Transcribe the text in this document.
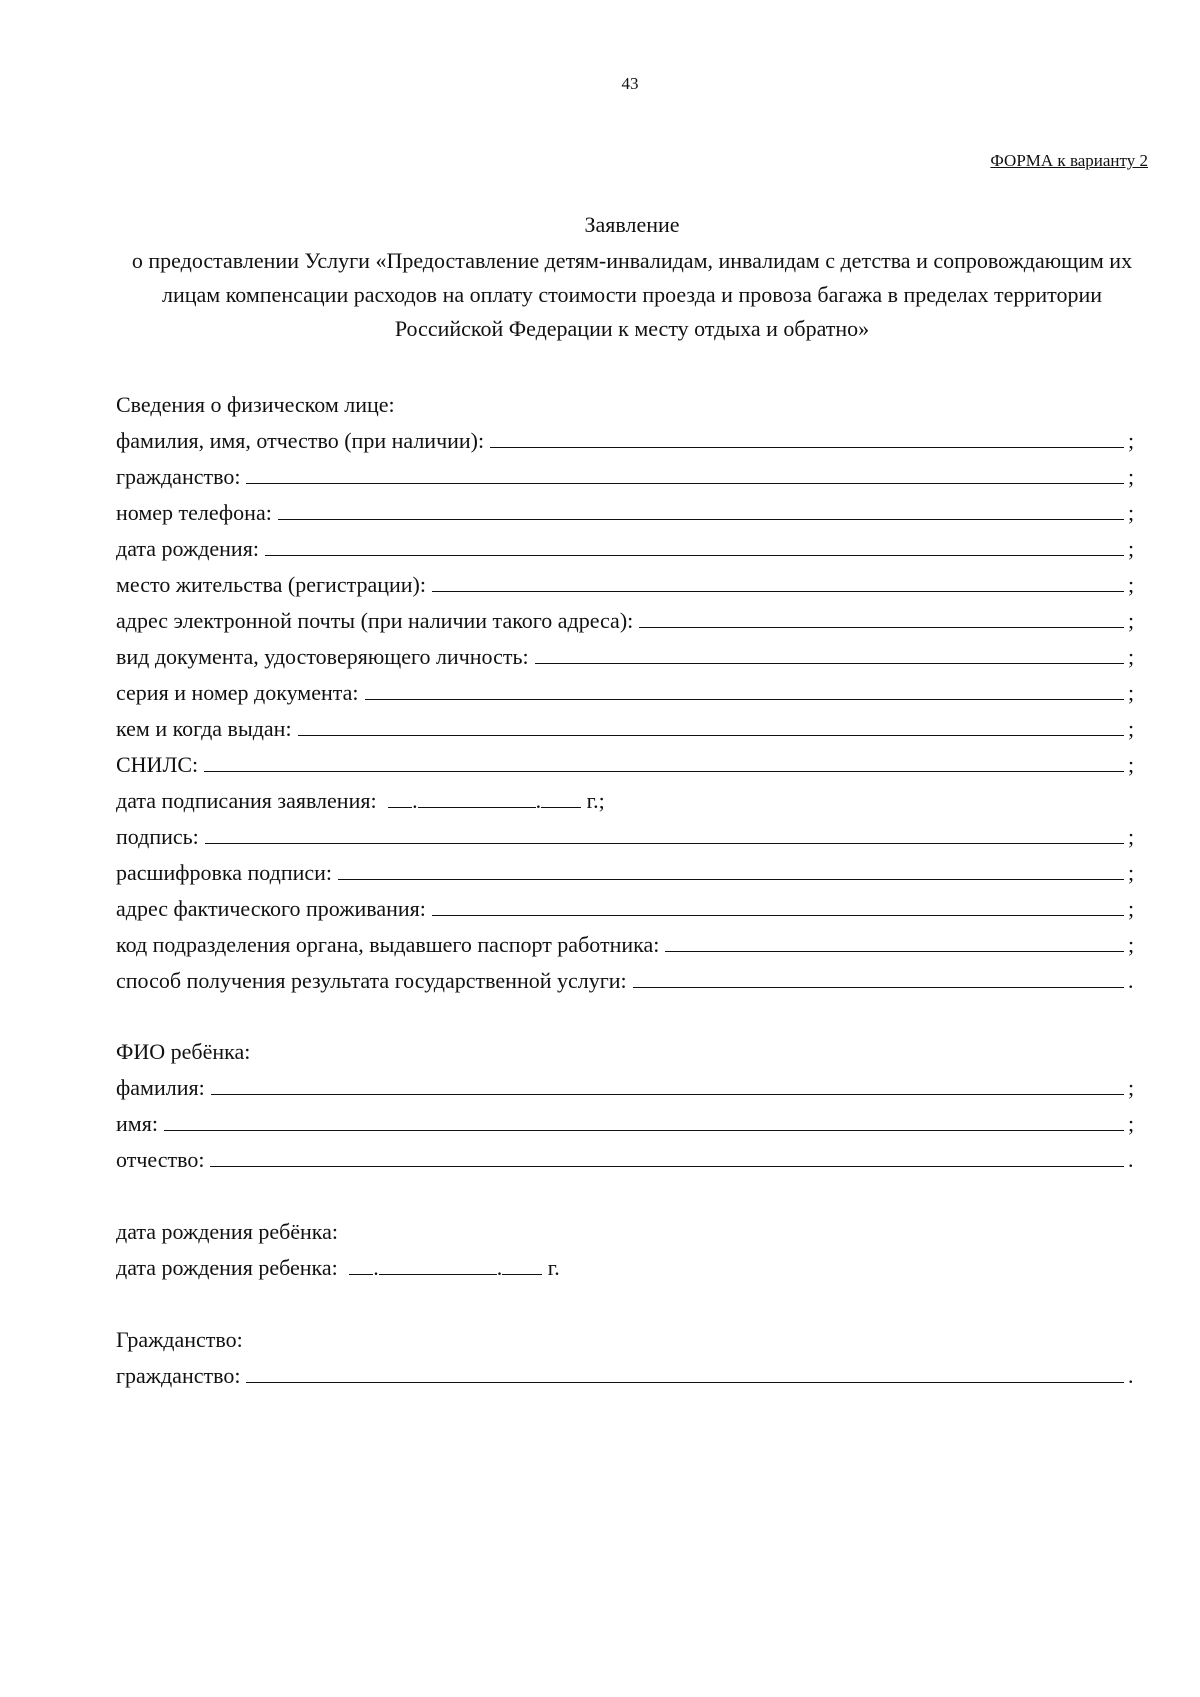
43
ФОРМА к варианту 2
Заявление
о предоставлении Услуги «Предоставление детям-инвалидам, инвалидам с детства и сопровождающим их лицам компенсации расходов на оплату стоимости проезда и провоза багажа в пределах территории Российской Федерации к месту отдыха и обратно»
Сведения о физическом лице:
фамилия, имя, отчество (при наличии):	;
гражданство:	;
номер телефона:	;
дата рождения:	;
место жительства (регистрации):	;
адрес электронной почты (при наличии такого адреса):	;
вид документа, удостоверяющего личность:	;
серия и номер документа:	;
кем и когда выдан:	;
СНИЛС:	;
дата подписания заявления: .	. г.;
подпись:	;
расшифровка подписи:	;
адрес фактического проживания:	;
код подразделения органа, выдавшего паспорт работника:	;
способ получения результата государственной услуги:	.
ФИО ребёнка:
фамилия:	;
имя:	;
отчество:	.
дата рождения ребёнка:
дата рождения ребенка: .	. г.
Гражданство:
гражданство:	.
